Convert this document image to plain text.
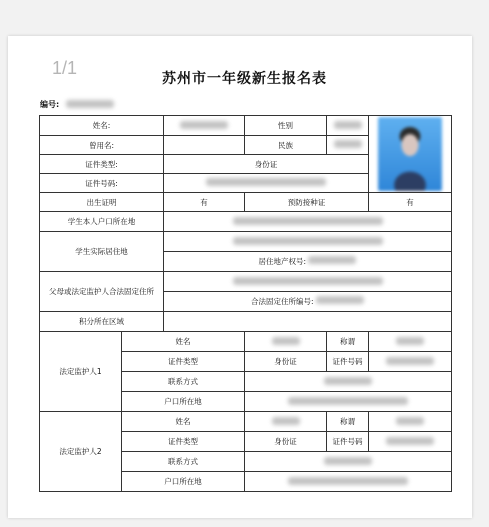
1/1
苏州市一年级新生报名表
编号:
姓名:			性别		

曾用名:			民族		
证件类型:		身份证			
证件号码:					
出生证明		有	预防接种证		有
学生本人户口所在地					
学生实际居住地					
		居住地产权号:			
父母或法定监护人合法固定住所					
		合法固定住所编号:			
积分所在区域					
法定监护人1	姓名			称谓	
	证件类型		身份证	证件号码	
	联系方式				
	户口所在地				
法定监护人2	姓名			称谓	
	证件类型		身份证	证件号码	
	联系方式				
	户口所在地				
